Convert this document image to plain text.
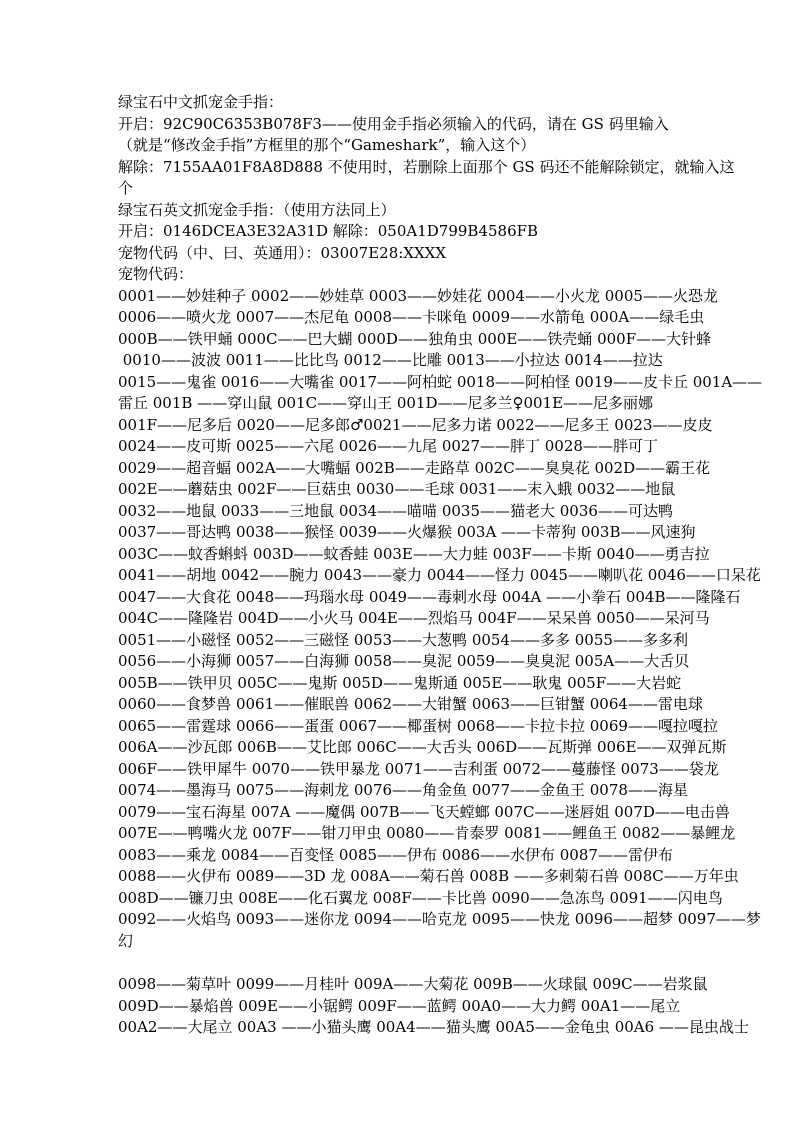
绿宝石中文抓宠金手指：
开启：92C90C6353B078F3——使用金手指必须输入的代码，请在 GS 码里输入
（就是“修改金手指”方框里的那个“Gameshark”，输入这个）
解除：7155AA01F8A8D888 不使用时，若删除上面那个 GS 码还不能解除锁定，就输入这
个
绿宝石英文抓宠金手指：（使用方法同上）
开启：0146DCEA3E32A31D 解除：050A1D799B4586FB
宠物代码（中、曰、英通用）：03007E28:XXXX
宠物代码：
0001——妙娃种子 0002——妙娃草 0003——妙娃花 0004——小火龙 0005——火恐龙
0006——喷火龙 0007——杰尼龟 0008——卡咪龟 0009——水箭龟 000A——绿毛虫
000B——铁甲蛹 000C——巴大蝴 000D——独角虫 000E——铁壳蛹 000F——大针蜂
0010——波波 0011——比比鸟 0012——比雕 0013——小拉达 0014——拉达
0015——鬼雀 0016——大嘴雀 0017——阿柏蛇 0018——阿柏怪 0019——皮卡丘 001A——
雷丘 001B ——穿山鼠 001C——穿山王 001D——尼多兰♀001E——尼多丽娜
001F——尼多后 0020——尼多郎♂0021——尼多力诺 0022——尼多王 0023——皮皮
0024——皮可斯 0025——六尾 0026——九尾 0027——胖丁 0028——胖可丁
0029——超音蝠 002A——大嘴蝠 002B——走路草 002C——臭臭花 002D——霸王花
002E——蘑菇虫 002F——巨菇虫 0030——毛球 0031——末入蛾 0032——地鼠
0032——地鼠 0033——三地鼠 0034——喵喵 0035——猫老大 0036——可达鸭
0037——哥达鸭 0038——猴怪 0039——火爆猴 003A ——卡蒂狗 003B——风速狗
003C——蚊香蝌蚪 003D——蚊香蛙 003E——大力蛙 003F——卡斯 0040——勇吉拉
0041——胡地 0042——腕力 0043——豪力 0044——怪力 0045——喇叭花 0046——口呆花
0047——大食花 0048——玛瑙水母 0049——毒刺水母 004A ——小拳石 004B——隆隆石
004C——隆隆岩 004D——小火马 004E——烈焰马 004F——呆呆兽 0050——呆河马
0051——小磁怪 0052——三磁怪 0053——大葱鸭 0054——多多 0055——多多利
0056——小海狮 0057——白海狮 0058——臭泥 0059——臭臭泥 005A——大舌贝
005B——铁甲贝 005C——鬼斯 005D——鬼斯通 005E——耿鬼 005F——大岩蛇
0060——食梦兽 0061——催眠兽 0062——大钳蟹 0063——巨钳蟹 0064——雷电球
0065——雷霆球 0066——蛋蛋 0067——椰蛋树 0068——卡拉卡拉 0069——嘎拉嘎拉
006A——沙瓦郎 006B——艾比郎 006C——大舌头 006D——瓦斯弹 006E——双弹瓦斯
006F——铁甲犀牛 0070——铁甲暴龙 0071——吉利蛋 0072——蔓藤怪 0073——袋龙
0074——墨海马 0075——海刺龙 0076——角金鱼 0077——金鱼王 0078——海星
0079——宝石海星 007A ——魔偶 007B——飞天螳螂 007C——迷唇姐 007D——电击兽
007E——鸭嘴火龙 007F——钳刀甲虫 0080——肯泰罗 0081——鲤鱼王 0082——暴鲤龙
0083——乘龙 0084——百变怪 0085——伊布 0086——水伊布 0087——雷伊布
0088——火伊布 0089——3D 龙 008A——菊石兽 008B ——多刺菊石兽 008C——万年虫
008D——镰刀虫 008E——化石翼龙 008F——卡比兽 0090——急冻鸟 0091——闪电鸟
0092——火焰鸟 0093——迷你龙 0094——哈克龙 0095——快龙 0096——超梦 0097——梦
幻
0098——菊草叶 0099——月桂叶 009A——大菊花 009B——火球鼠 009C——岩浆鼠
009D——暴焰兽 009E——小锯鳄 009F——蓝鳄 00A0——大力鳄 00A1——尾立
00A2——大尾立 00A3 ——小猫头鹰 00A4——猫头鹰 00A5——金龟虫 00A6 ——昆虫战士
